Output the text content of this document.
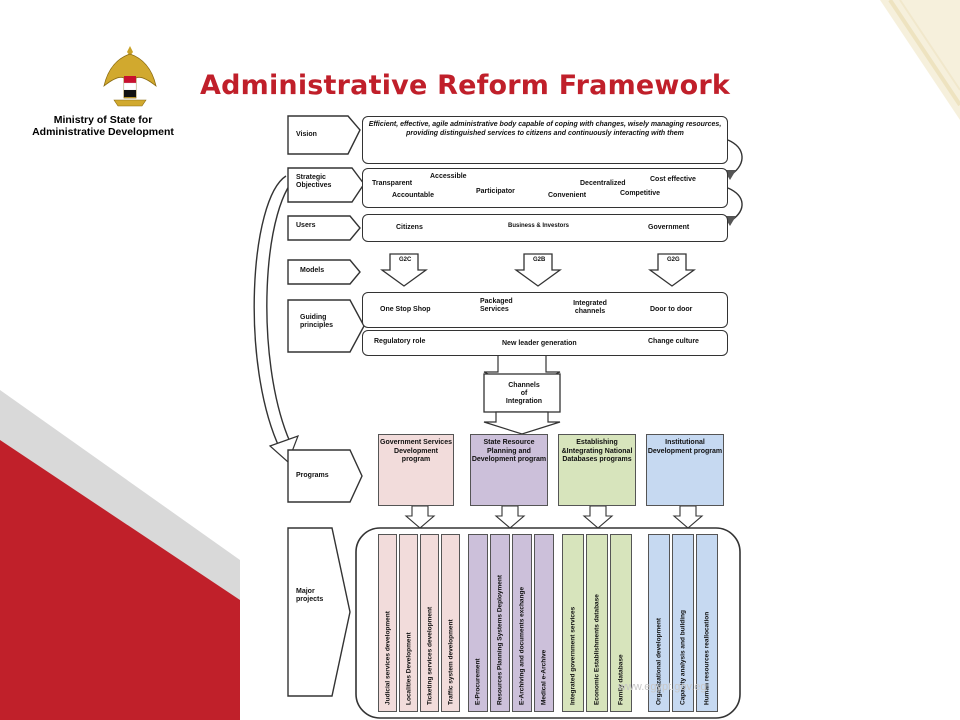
Ministry of State for
Administrative Development
Administrative Reform Framework
Vision
Strategic Objectives
Users
Models
Guiding principles
Programs
Major projects
Efficient, effective, agile administrative body capable of coping with changes, wisely managing resources, providing distinguished services to citizens and continuously interacting with them
Transparent
Accessible
Accountable
Participator
Decentralized
Cost effective
Convenient	Competitive
Citizens	Business & Investors	Government
G2C	G2B	G2G
One Stop Shop
Packaged Services
Integrated channels	Door to door
Regulatory role	New leader generation	Change culture
Channels of Integration
Government Services Development program
State Resource Planning and Development program
Establishing &Integrating National Databases programs
Institutional Development program
Judicial services development Localities Development Ticketing services development Traffic system development	E-Procurement Resources Planning Systems Deployment E-Archiving and documents exchange Medical e-Archive	Integrated government services	Economic Establishments database	Family database	Organizational development	Capacity analysis and building	Human resources reallocation
www.egypt.gov.eg
